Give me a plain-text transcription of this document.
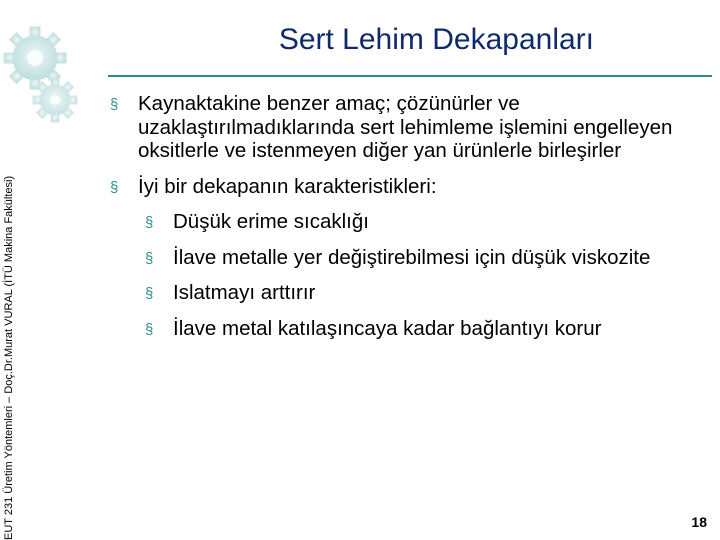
EUT 231 Üretim Yöntemleri – Doç.Dr.Murat VURAL (İTÜ Makina Fakültesi)
Sert Lehim Dekapanları
§ Kaynaktakine benzer amaç; çözünürler ve uzaklaştırılmadıklarında sert lehimleme işlemini engelleyen oksitlerle ve istenmeyen diğer yan ürünlerle birleşirler
§ İyi bir dekapanın karakteristikleri:
§ Düşük erime sıcaklığı
§ İlave metalle yer değiştirebilmesi için düşük viskozite
§ Islatmayı arttırır
§ İlave metal katılaşıncaya kadar bağlantıyı korur
18
